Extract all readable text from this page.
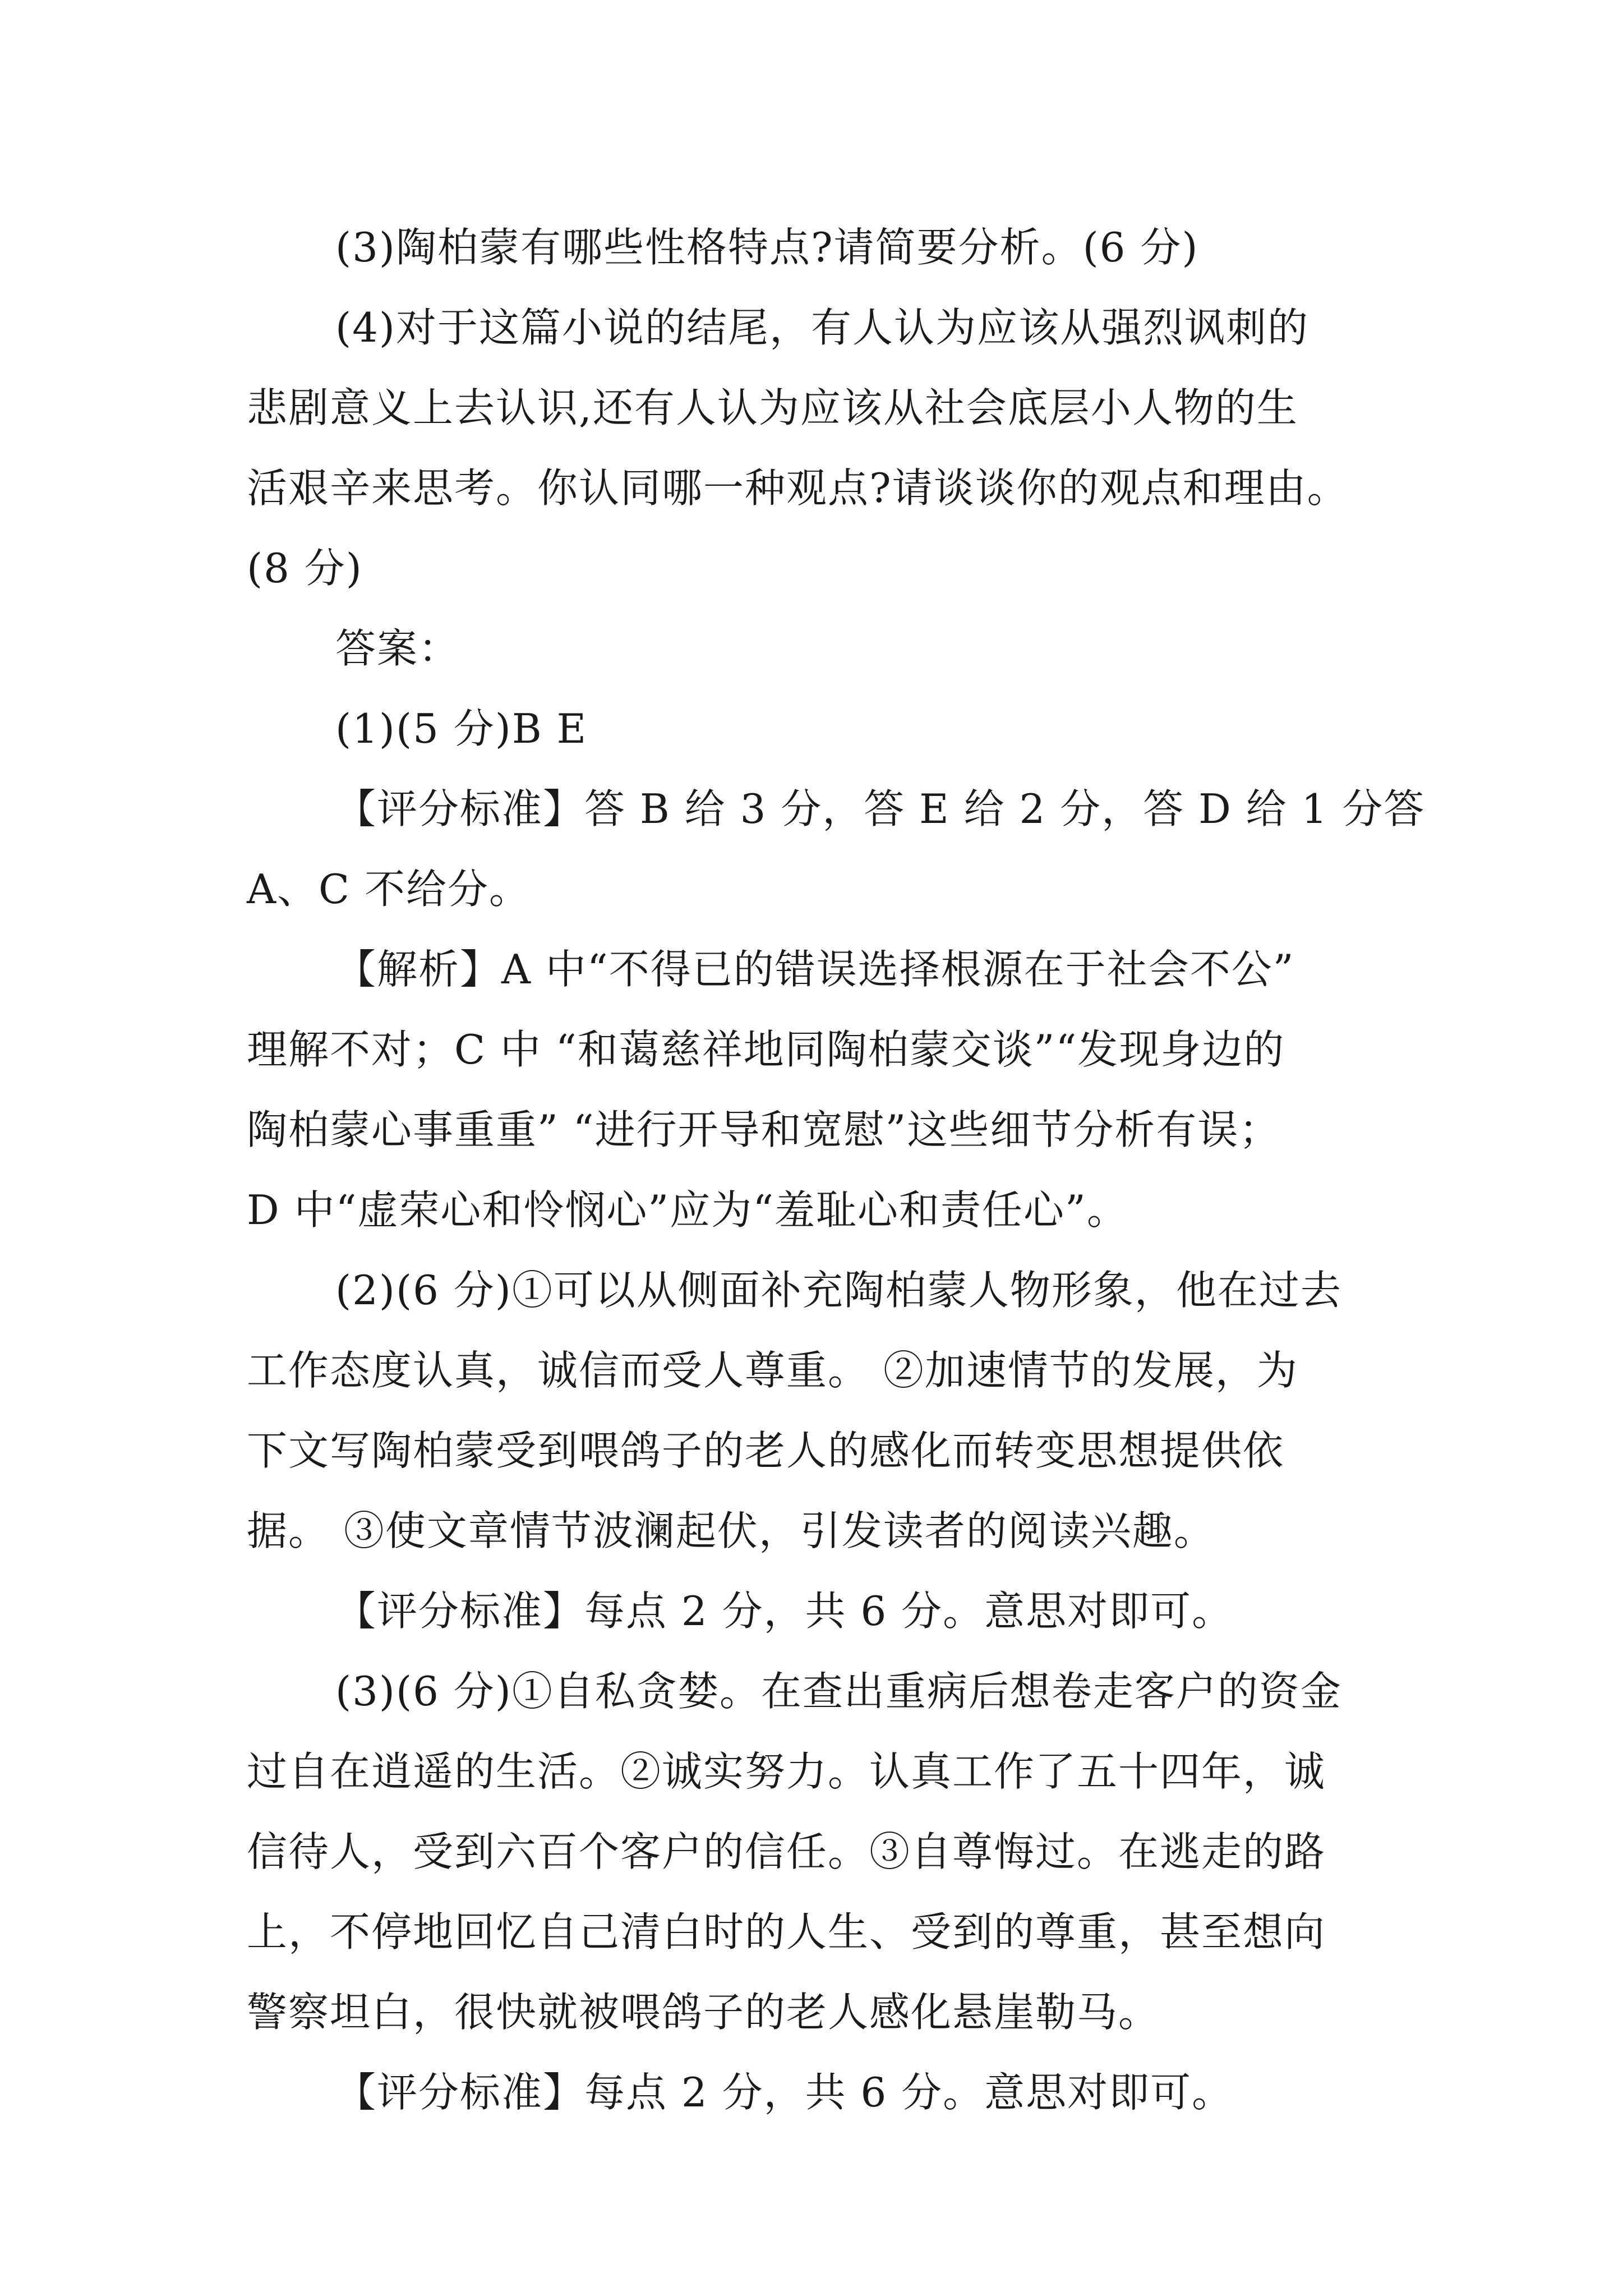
(3)陶柏蒙有哪些性格特点?请简要分析。(6 分)
(4)对于这篇小说的结尾，有人认为应该从强烈讽刺的
悲剧意义上去认识,还有人认为应该从社会底层小人物的生
活艰辛来思考。你认同哪一种观点?请谈谈你的观点和理由。
(8 分)
答案：
(1)(5 分)B E
【评分标准】答 B 给 3 分，答 E 给 2 分，答 D 给 1 分答
A、C 不给分。
【解析】A 中“不得已的错误选择根源在于社会不公”
理解不对；C 中 “和蔼慈祥地同陶柏蒙交谈”“发现身边的
陶柏蒙心事重重” “进行开导和宽慰”这些细节分析有误；
D 中“虚荣心和怜悯心”应为“羞耻心和责任心”。
(2)(6 分)①可以从侧面补充陶柏蒙人物形象，他在过去
工作态度认真，诚信而受人尊重。 ②加速情节的发展，为
下文写陶柏蒙受到喂鸽子的老人的感化而转变思想提供依
据。 ③使文章情节波澜起伏，引发读者的阅读兴趣。
【评分标准】每点 2 分，共 6 分。意思对即可。
(3)(6 分)①自私贪婪。在查出重病后想卷走客户的资金
过自在逍遥的生活。②诚实努力。认真工作了五十四年，诚
信待人，受到六百个客户的信任。③自尊悔过。在逃走的路
上，不停地回忆自己清白时的人生、受到的尊重，甚至想向
警察坦白，很快就被喂鸽子的老人感化悬崖勒马。
【评分标准】每点 2 分，共 6 分。意思对即可。
